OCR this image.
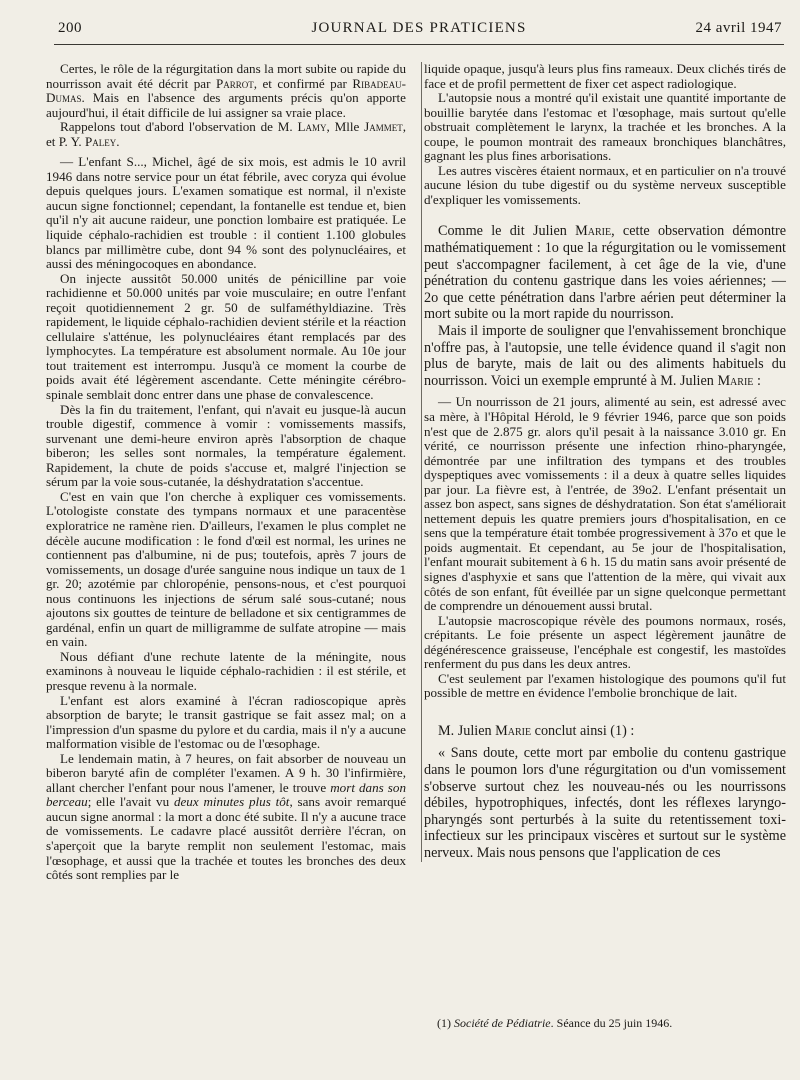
200	JOURNAL DES PRATICIENS	24 avril 1947

Certes, le rôle de la régurgitation dans la mort subite ou rapide du nourrisson avait été décrit par Parrot, et confirmé par Ribadeau-Dumas. Mais en l'absence des arguments précis qu'on apporte aujourd'hui, il était difficile de lui assigner sa vraie place.

Rappelons tout d'abord l'observation de M. Lamy, Mlle Jammet, et P. Y. Paley.

— L'enfant S..., Michel, âgé de six mois, est admis le 10 avril 1946 dans notre service pour un état fébrile, avec coryza qui évolue depuis quelques jours. L'examen somatique est normal, il n'existe aucun signe fonctionnel; cependant, la fontanelle est tendue et, bien qu'il n'y ait aucune raideur, une ponction lombaire est pratiquée. Le liquide céphalo-rachidien est trouble : il contient 1.100 globules blancs par millimètre cube, dont 94 % sont des polynucléaires, et aussi des méningocoques en abondance.

On injecte aussitôt 50.000 unités de pénicilline par voie rachidienne et 50.000 unités par voie musculaire; en outre l'enfant reçoit quotidiennement 2 gr. 50 de sulfaméthyldiazine. Très rapidement, le liquide céphalo-rachidien devient stérile et la réaction cellulaire s'atténue, les polynucléaires étant remplacés par des lymphocytes. La température est absolument normale. Au 10e jour tout traitement est interrompu. Jusqu'à ce moment la courbe de poids avait été légèrement ascendante. Cette méningite cérébro-spinale semblait donc entrer dans une phase de convalescence.

Dès la fin du traitement, l'enfant, qui n'avait eu jusque-là aucun trouble digestif, commence à vomir : vomissements massifs, survenant une demi-heure environ après l'absorption de chaque biberon; les selles sont normales, la température également. Rapidement, la chute de poids s'accuse et, malgré l'injection se sérum par la voie sous-cutanée, la déshydratation s'accentue.

C'est en vain que l'on cherche à expliquer ces vomissements. L'otologiste constate des tympans normaux et une paracentèse exploratrice ne ramène rien. D'ailleurs, l'examen le plus complet ne décèle aucune modification : le fond d'œil est normal, les urines ne contiennent pas d'albumine, ni de pus; toutefois, après 7 jours de vomissements, un dosage d'urée sanguine nous indique un taux de 1 gr. 20; azotémie par chloropénie, pensons-nous, et c'est pourquoi nous continuons les injections de sérum salé sous-cutané; nous ajoutons six gouttes de teinture de belladone et six centigrammes de gardénal, enfin un quart de milligramme de sulfate atropine — mais en vain.

Nous défiant d'une rechute latente de la méningite, nous examinons à nouveau le liquide céphalo-rachidien : il est stérile, et presque revenu à la normale.

L'enfant est alors examiné à l'écran radioscopique après absorption de baryte; le transit gastrique se fait assez mal; on a l'impression d'un spasme du pylore et du cardia, mais il n'y a aucune malformation visible de l'estomac ou de l'œsophage.

Le lendemain matin, à 7 heures, on fait absorber de nouveau un biberon baryté afin de compléter l'examen. A 9 h. 30 l'infirmière, allant chercher l'enfant pour nous l'amener, le trouve mort dans son berceau; elle l'avait vu deux minutes plus tôt, sans avoir remarqué aucun signe anormal : la mort a donc été subite. Il n'y a aucune trace de vomissements. Le cadavre placé aussitôt derrière l'écran, on s'aperçoit que la baryte remplit non seulement l'estomac, mais l'œsophage, et aussi que la trachée et toutes les bronches des deux côtés sont remplies par le

liquide opaque, jusqu'à leurs plus fins rameaux. Deux clichés tirés de face et de profil permettent de fixer cet aspect radiologique.

L'autopsie nous a montré qu'il existait une quantité importante de bouillie barytée dans l'estomac et l'œsophage, mais surtout qu'elle obstruait complètement le larynx, la trachée et les bronches. A la coupe, le poumon montrait des rameaux bronchiques blanchâtres, gagnant les plus fines arborisations.

Les autres viscères étaient normaux, et en particulier on n'a trouvé aucune lésion du tube digestif ou du système nerveux susceptible d'expliquer les vomissements.

Comme le dit Julien Marie, cette observation démontre mathématiquement : 1o que la régurgitation ou le vomissement peut s'accompagner facilement, à cet âge de la vie, d'une pénétration du contenu gastrique dans les voies aériennes; — 2o que cette pénétration dans l'arbre aérien peut déterminer la mort subite ou la mort rapide du nourrisson.

Mais il importe de souligner que l'envahissement bronchique n'offre pas, à l'autopsie, une telle évidence quand il s'agit non plus de baryte, mais de lait ou des aliments habituels du nourrisson. Voici un exemple emprunté à M. Julien Marie :

— Un nourrisson de 21 jours, alimenté au sein, est adressé avec sa mère, à l'Hôpital Hérold, le 9 février 1946, parce que son poids n'est que de 2.875 gr. alors qu'il pesait à la naissance 3.010 gr. En vérité, ce nourrisson présente une infection rhino-pharyngée, démontrée par une infiltration des tympans et des troubles dyspeptiques avec vomissements : il a deux à quatre selles liquides par jour. La fièvre est, à l'entrée, de 39o2. L'enfant présentait un assez bon aspect, sans signes de déshydratation. Son état s'améliorait nettement depuis les quatre premiers jours d'hospitalisation, en ce sens que la température était tombée progressivement à 37o et que le poids augmentait. Et cependant, au 5e jour de l'hospitalisation, l'enfant mourait subitement à 6 h. 15 du matin sans avoir présenté de signes d'asphyxie et sans que l'attention de la mère, qui vivait aux côtés de son enfant, fût éveillée par un signe quelconque permettant de comprendre un dénouement aussi brutal.

L'autopsie macroscopique révèle des poumons normaux, rosés, crépitants. Le foie présente un aspect légèrement jaunâtre de dégénérescence graisseuse, l'encéphale est congestif, les mastoïdes renferment du pus dans les deux antres.

C'est seulement par l'examen histologique des poumons qu'il fut possible de mettre en évidence l'embolie bronchique de lait.

M. Julien Marie conclut ainsi (1) :

« Sans doute, cette mort par embolie du contenu gastrique dans le poumon lors d'une régurgitation ou d'un vomissement s'observe surtout chez les nouveau-nés ou les nourrissons débiles, hypotrophiques, infectés, dont les réflexes laryngo-pharyngés sont perturbés à la suite du retentissement toxi-infectieux sur les principaux viscères et surtout sur le système nerveux. Mais nous pensons que l'application de ces

(1) Société de Pédiatrie. Séance du 25 juin 1946.
